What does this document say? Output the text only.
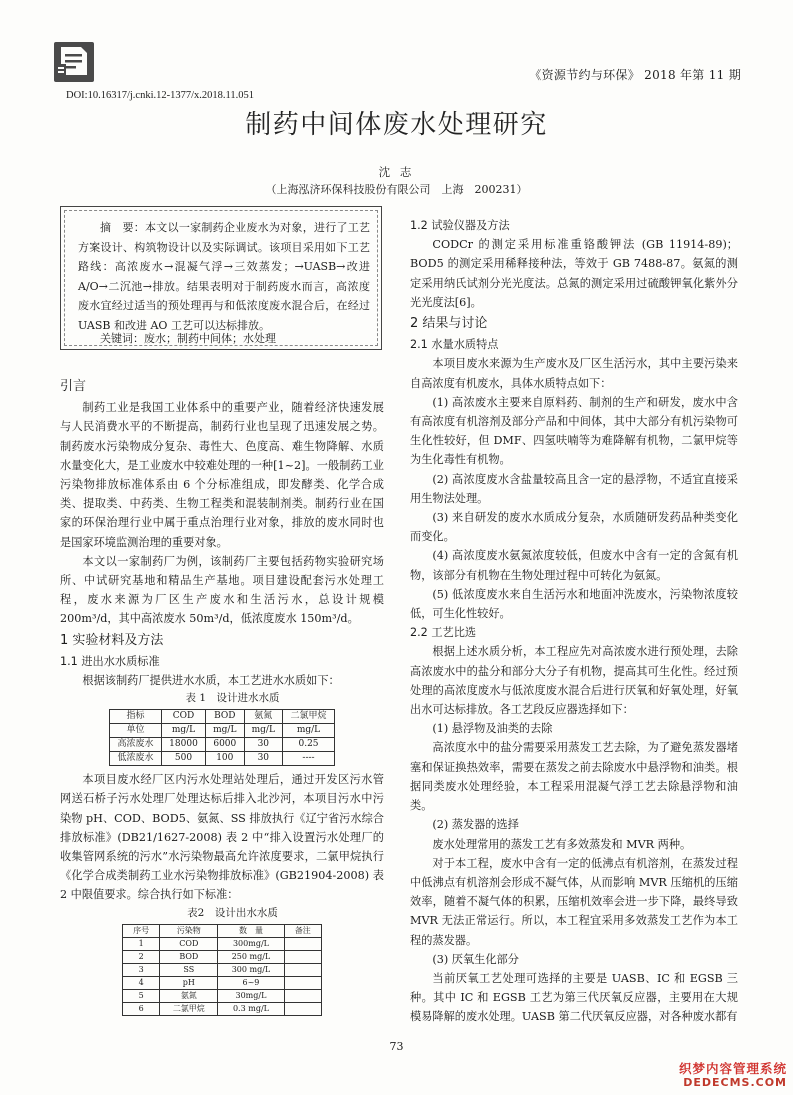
《资源节约与环保》 2018 年第 11 期
DOI:10.16317/j.cnki.12-1377/x.2018.11.051
制药中间体废水处理研究
沈 志
（上海泓济环保科技股份有限公司　上海　200231）
摘　要：本文以一家制药企业废水为对象，进行了工艺方案设计、构筑物设计以及实际调试。该项目采用如下工艺路线：高浓废水→混凝气浮→三效蒸发；→UASB→改进 A/O→二沉池→排放。结果表明对于制药废水而言，高浓度废水宜经过适当的预处理再与和低浓度废水混合后，在经过 UASB 和改进 AO 工艺可以达标排放。
关键词：废水；制药中间体；水处理
引言

制药工业是我国工业体系中的重要产业，随着经济快速发展与人民消费水平的不断提高，制药行业也呈现了迅速发展之势。制药废水污染物成分复杂、毒性大、色度高、难生物降解、水质水量变化大，是工业废水中较难处理的一种[1~2]。一般制药工业污染物排放标准体系由 6 个分标准组成，即发酵类、化学合成类、提取类、中药类、生物工程类和混装制剂类。制药行业在国家的环保治理行业中属于重点治理行业对象，排放的废水同时也是国家环境监测治理的重要对象。

本文以一家制药厂为例，该制药厂主要包括药物实验研究场所、中试研究基地和精品生产基地。项目建设配套污水处理工程，废水来源为厂区生产废水和生活污水，总设计规模 200m³/d，其中高浓废水 50m³/d，低浓度废水 150m³/d。

1 实验材料及方法
1.1 进出水水质标准

根据该制药厂提供进水水质，本工艺进水水质如下：

表 1　设计进水水质

指标	COD	BOD	氨氮	二氯甲烷
单位	mg/L	mg/L	mg/L	mg/L
高浓废水	18000	6000	30	0.25
低浓废水	500	100	30	----

本项目废水经厂区内污水处理站处理后，通过开发区污水管网送石桥子污水处理厂处理达标后排入北沙河，本项目污水中污染物 pH、COD、BOD5、氨氮、SS 排放执行《辽宁省污水综合排放标准》(DB21/1627-2008) 表 2 中“排入设置污水处理厂的收集管网系统的污水”水污染物最高允许浓度要求，二氯甲烷执行《化学合成类制药工业水污染物排放标准》(GB21904-2008) 表 2 中限值要求。综合执行如下标准：

表2　设计出水水质

序号	污染物	数　量	备注
1	COD	300mg/L	
2	BOD	250 mg/L	
3	SS	300 mg/L	
4	pH	6~9	
5	氨氮	30mg/L	
6	二氯甲烷	0.3 mg/L	
1.2 试验仪器及方法

CODCr 的测定采用标准重铬酸钾法 (GB 11914-89)；BOD5 的测定采用稀释接种法，等效于 GB 7488-87。氨氮的测定采用纳氏试剂分光光度法。总氮的测定采用过硫酸钾氧化紫外分光光度法[6]。

2 结果与讨论
2.1 水量水质特点

本项目废水来源为生产废水及厂区生活污水，其中主要污染来自高浓度有机废水，具体水质特点如下：

(1) 高浓废水主要来自原料药、制剂的生产和研发，废水中含有高浓度有机溶剂及部分产品和中间体，其中大部分有机污染物可生化性较好，但 DMF、四氢呋喃等为难降解有机物，二氯甲烷等为生化毒性有机物。

(2) 高浓度废水含盐量较高且含一定的悬浮物，不适宜直接采用生物法处理。

(3) 来自研发的废水水质成分复杂，水质随研发药品种类变化而变化。

(4) 高浓度废水氨氮浓度较低，但废水中含有一定的含氮有机物，该部分有机物在生物处理过程中可转化为氨氮。

(5) 低浓度废水来自生活污水和地面冲洗废水，污染物浓度较低，可生化性较好。

2.2 工艺比选

根据上述水质分析，本工程应先对高浓废水进行预处理，去除高浓废水中的盐分和部分大分子有机物，提高其可生化性。经过预处理的高浓度废水与低浓度废水混合后进行厌氧和好氧处理，好氧出水可达标排放。各工艺段反应器选择如下：

(1) 悬浮物及油类的去除

高浓度水中的盐分需要采用蒸发工艺去除，为了避免蒸发器堵塞和保证换热效率，需要在蒸发之前去除废水中悬浮物和油类。根据同类废水处理经验，本工程采用混凝气浮工艺去除悬浮物和油类。

(2) 蒸发器的选择

废水处理常用的蒸发工艺有多效蒸发和 MVR 两种。

对于本工程，废水中含有一定的低沸点有机溶剂，在蒸发过程中低沸点有机溶剂会形成不凝气体，从而影响 MVR 压缩机的压缩效率，随着不凝气体的积累，压缩机效率会进一步下降，最终导致 MVR 无法正常运行。所以，本工程宜采用多效蒸发工艺作为本工程的蒸发器。

(3) 厌氧生化部分

当前厌氧工艺处理可选择的主要是 UASB、IC 和 EGSB 三种。其中 IC 和 EGSB 工艺为第三代厌氧反应器，主要用在大规模易降解的废水处理。UASB 第二代厌氧反应器，对各种废水都有

73
织梦内容管理系统
DEDECMS.COM
